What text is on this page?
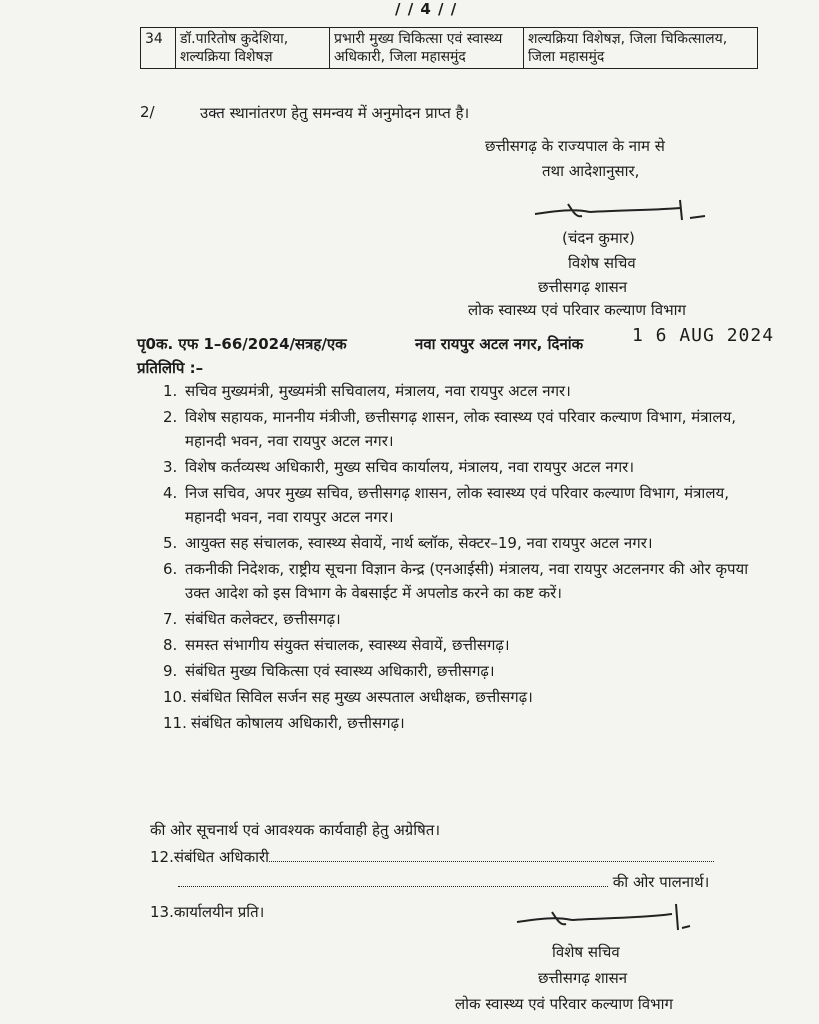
/ / 4 / /
34	डॉ.पारितोष कुदेशिया, शल्यक्रिया विशेषज्ञ	प्रभारी मुख्य चिकित्सा एवं स्वास्थ्य अधिकारी, जिला महासमुंद	शल्यक्रिया विशेषज्ञ, जिला चिकित्सालय, जिला महासमुंद
2/	उक्त स्थानांतरण हेतु समन्वय में अनुमोदन प्राप्त है।
छत्तीसगढ़ के राज्यपाल के नाम से
तथा आदेशानुसार,
(चंदन कुमार)
विशेष सचिव
छत्तीसगढ़ शासन
लोक स्वास्थ्य एवं परिवार कल्याण विभाग
पृ0क. एफ 1–66/2024/सत्रह/एक	नवा रायपुर अटल नगर, दिनांक	1 6 AUG 2024
प्रतिलिपि :–
1. सचिव मुख्यमंत्री, मुख्यमंत्री सचिवालय, मंत्रालय, नवा रायपुर अटल नगर।
2. विशेष सहायक, माननीय मंत्रीजी, छत्तीसगढ़ शासन, लोक स्वास्थ्य एवं परिवार कल्याण विभाग, मंत्रालय, महानदी भवन, नवा रायपुर अटल नगर।
3. विशेष कर्तव्यस्थ अधिकारी, मुख्य सचिव कार्यालय, मंत्रालय, नवा रायपुर अटल नगर।
4. निज सचिव, अपर मुख्य सचिव, छत्तीसगढ़ शासन, लोक स्वास्थ्य एवं परिवार कल्याण विभाग, मंत्रालय, महानदी भवन, नवा रायपुर अटल नगर।
5. आयुक्त सह संचालक, स्वास्थ्य सेवायें, नार्थ ब्लॉक, सेक्टर–19, नवा रायपुर अटल नगर।
6. तकनीकी निदेशक, राष्ट्रीय सूचना विज्ञान केन्द्र (एनआईसी) मंत्रालय, नवा रायपुर अटलनगर की ओर कृपया उक्त आदेश को इस विभाग के वेबसाईट में अपलोड करने का कष्ट करें।
7. संबंधित कलेक्टर, छत्तीसगढ़।
8. समस्त संभागीय संयुक्त संचालक, स्वास्थ्य सेवायें, छत्तीसगढ़।
9. संबंधित मुख्य चिकित्सा एवं स्वास्थ्य अधिकारी, छत्तीसगढ़।
10. संबंधित सिविल सर्जन सह मुख्य अस्पताल अधीक्षक, छत्तीसगढ़।
11. संबंधित कोषालय अधिकारी, छत्तीसगढ़।
की ओर सूचनार्थ एवं आवश्यक कार्यवाही हेतु अग्रेषित।
12.संबंधित अधिकारी
की ओर पालनार्थ।
13.कार्यालयीन प्रति।
विशेष सचिव
छत्तीसगढ़ शासन
लोक स्वास्थ्य एवं परिवार कल्याण विभाग
